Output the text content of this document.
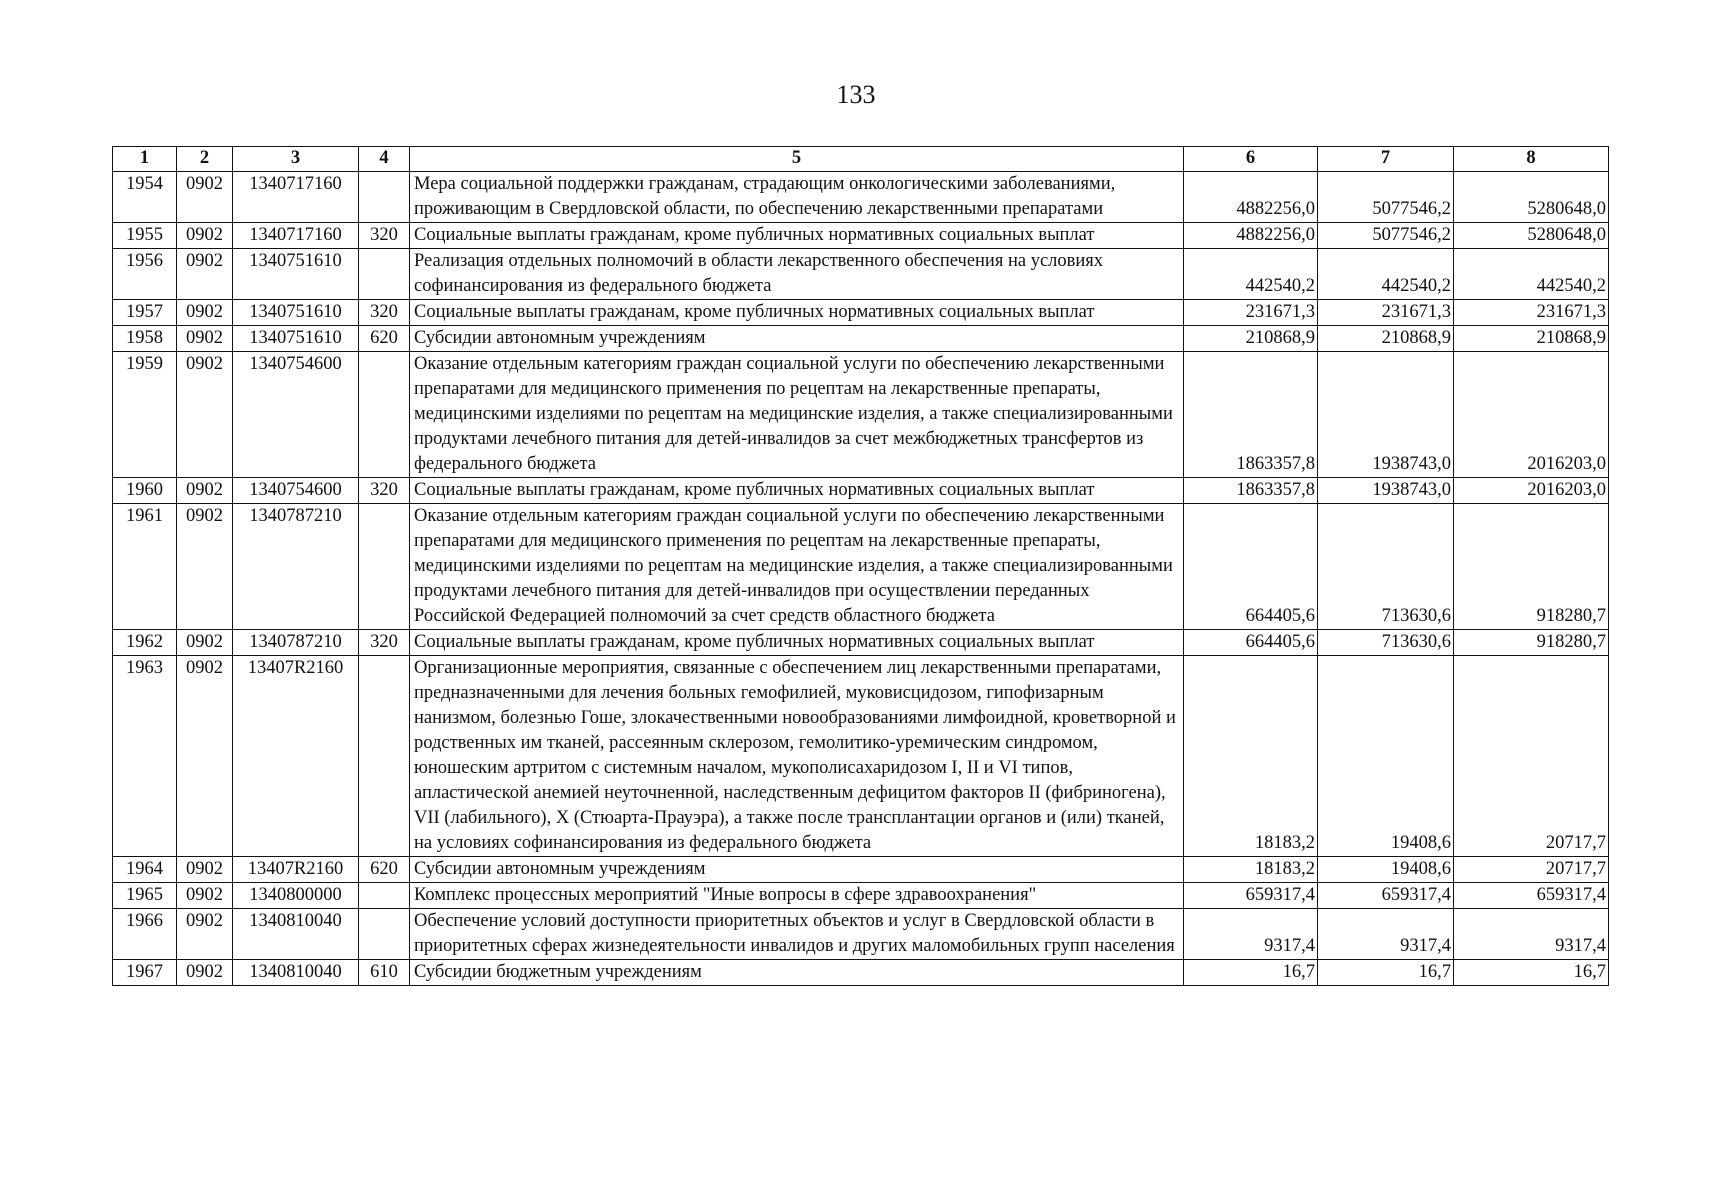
133
1	2	3	4	5	6	7	8
1954	0902	1340717160		Мера социальной поддержки гражданам, страдающим онкологическими заболеваниями, проживающим в Свердловской области, по обеспечению лекарственными препаратами	4882256,0	5077546,2	5280648,0
1955	0902	1340717160	320	Социальные выплаты гражданам, кроме публичных нормативных социальных выплат	4882256,0	5077546,2	5280648,0
1956	0902	1340751610		Реализация отдельных полномочий в области лекарственного обеспечения на условиях софинансирования из федерального бюджета	442540,2	442540,2	442540,2
1957	0902	1340751610	320	Социальные выплаты гражданам, кроме публичных нормативных социальных выплат	231671,3	231671,3	231671,3
1958	0902	1340751610	620	Субсидии автономным учреждениям	210868,9	210868,9	210868,9
1959	0902	1340754600		Оказание отдельным категориям граждан социальной услуги по обеспечению лекарственными препаратами для медицинского применения по рецептам на лекарственные препараты, медицинскими изделиями по рецептам на медицинские изделия, а также специализированными продуктами лечебного питания для детей-инвалидов за счет межбюджетных трансфертов из федерального бюджета	1863357,8	1938743,0	2016203,0
1960	0902	1340754600	320	Социальные выплаты гражданам, кроме публичных нормативных социальных выплат	1863357,8	1938743,0	2016203,0
1961	0902	1340787210		Оказание отдельным категориям граждан социальной услуги по обеспечению лекарственными препаратами для медицинского применения по рецептам на лекарственные препараты, медицинскими изделиями по рецептам на медицинские изделия, а также специализированными продуктами лечебного питания для детей-инвалидов при осуществлении переданных Российской Федерацией полномочий за счет средств областного бюджета	664405,6	713630,6	918280,7
1962	0902	1340787210	320	Социальные выплаты гражданам, кроме публичных нормативных социальных выплат	664405,6	713630,6	918280,7
1963	0902	13407R2160		Организационные мероприятия, связанные с обеспечением лиц лекарственными препаратами, предназначенными для лечения больных гемофилией, муковисцидозом, гипофизарным нанизмом, болезнью Гоше, злокачественными новообразованиями лимфоидной, кроветворной и родственных им тканей, рассеянным склерозом, гемолитико-уремическим синдромом, юношеским артритом с системным началом, мукополисахаридозом I, II и VI типов, апластической анемией неуточненной, наследственным дефицитом факторов II (фибриногена), VII (лабильного), X (Стюарта-Прауэра), а также после трансплантации органов и (или) тканей, на условиях софинансирования из федерального бюджета	18183,2	19408,6	20717,7
1964	0902	13407R2160	620	Субсидии автономным учреждениям	18183,2	19408,6	20717,7
1965	0902	1340800000		Комплекс процессных мероприятий "Иные вопросы в сфере здравоохранения"	659317,4	659317,4	659317,4
1966	0902	1340810040		Обеспечение условий доступности приоритетных объектов и услуг в Свердловской области в приоритетных сферах жизнедеятельности инвалидов и других маломобильных групп населения	9317,4	9317,4	9317,4
1967	0902	1340810040	610	Субсидии бюджетным учреждениям	16,7	16,7	16,7
